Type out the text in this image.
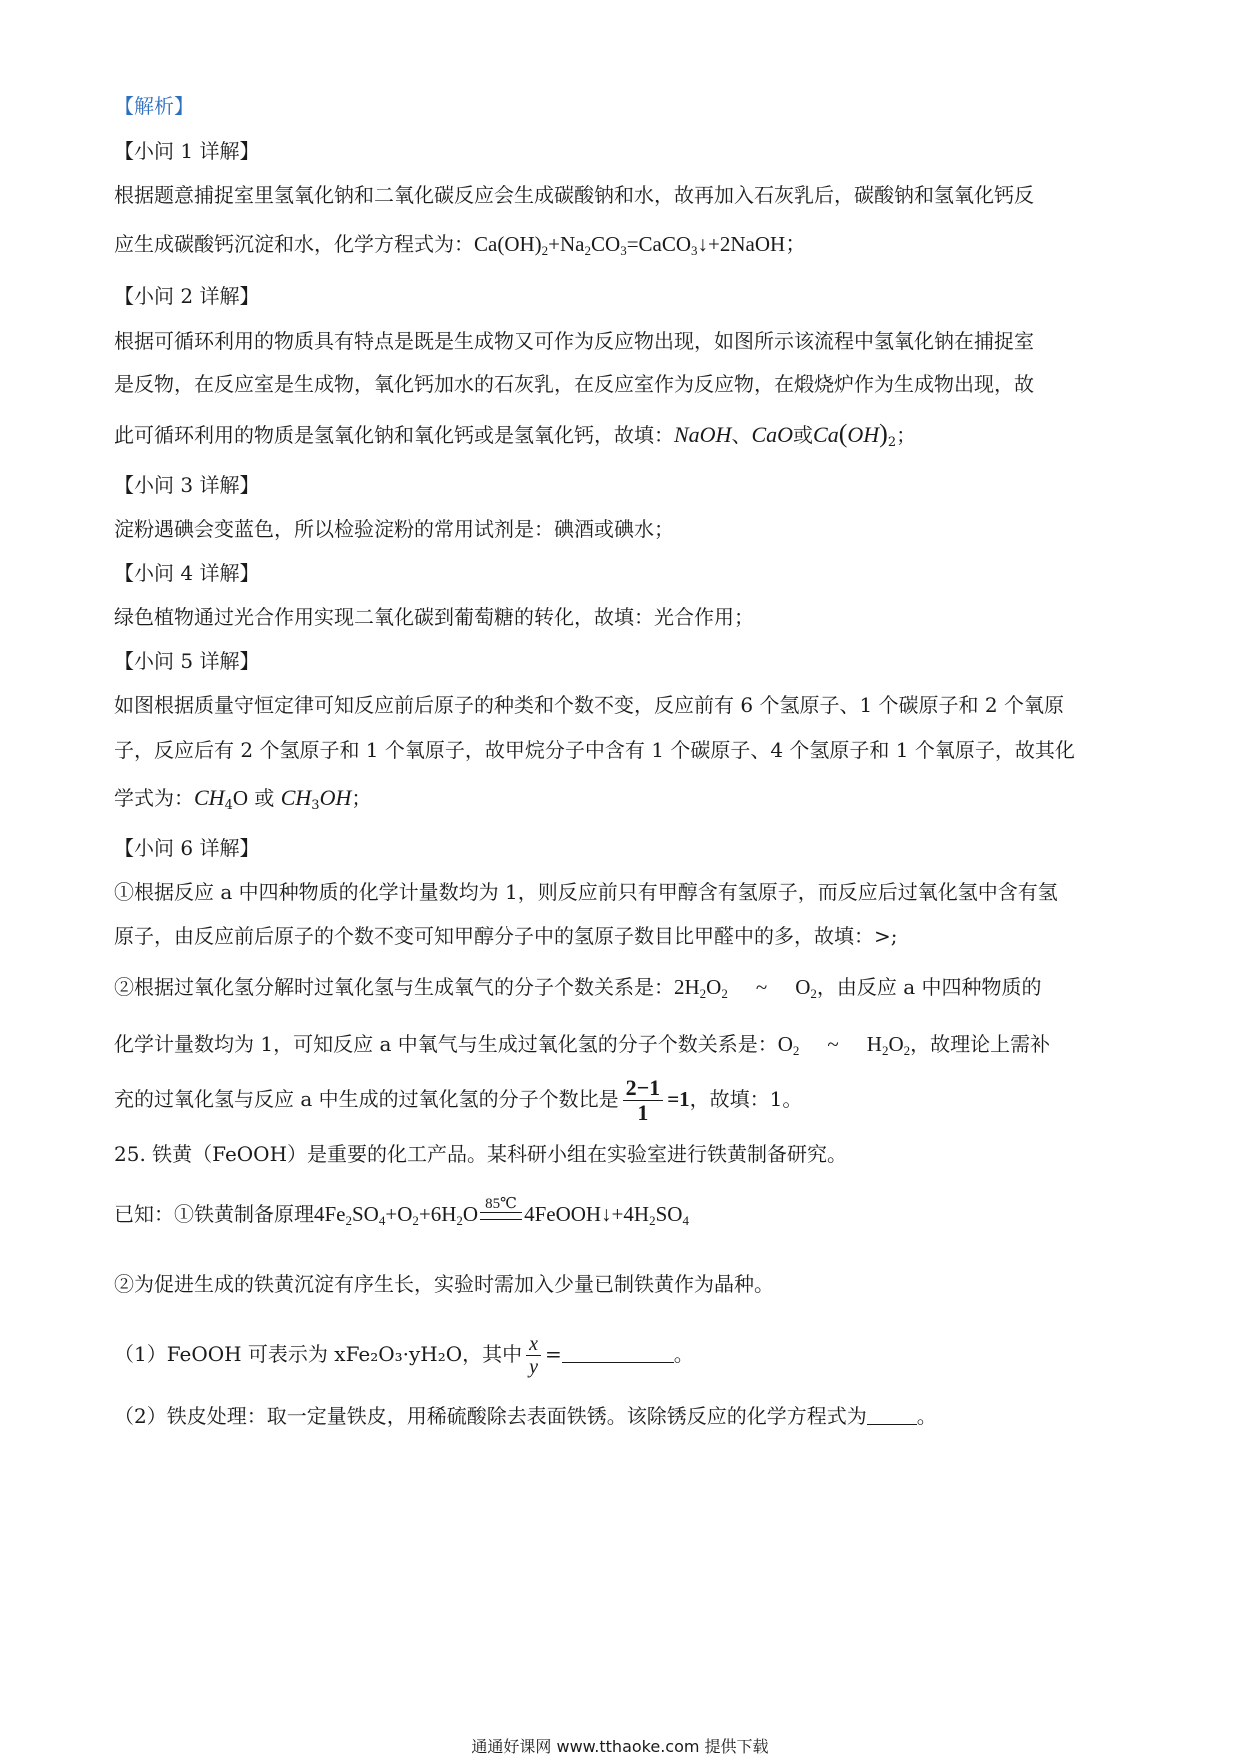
【解析】
【小问 1 详解】
根据题意捕捉室里氢氧化钠和二氧化碳反应会生成碳酸钠和水，故再加入石灰乳后，碳酸钠和氢氧化钙反
应生成碳酸钙沉淀和水，化学方程式为：$Ca(OH)_2+Na_2CO_3=CaCO_3↓+2NaOH$；
【小问 2 详解】
根据可循环利用的物质具有特点是既是生成物又可作为反应物出现，如图所示该流程中氢氧化钠在捕捉室
是反物，在反应室是生成物，氧化钙加水的石灰乳，在反应室作为反应物，在煅烧炉作为生成物出现，故
此可循环利用的物质是氢氧化钠和氧化钙或是氢氧化钙，故填：NaOH、CaO或$Ca(OH)_2$；
【小问 3 详解】
淀粉遇碘会变蓝色，所以检验淀粉的常用试剂是：碘酒或碘水；
【小问 4 详解】
绿色植物通过光合作用实现二氧化碳到葡萄糖的转化，故填：光合作用；
【小问 5 详解】
如图根据质量守恒定律可知反应前后原子的种类和个数不变，反应前有 6 个氢原子、1 个碳原子和 2 个氧原
子，反应后有 2 个氢原子和 1 个氧原子，故甲烷分子中含有 1 个碳原子、4 个氢原子和 1 个氧原子，故其化
学式为：$CH_4O$ 或 $CH_3OH$；
【小问 6 详解】
①根据反应 a 中四种物质的化学计量数均为 1，则反应前只有甲醇含有氢原子，而反应后过氧化氢中含有氢
原子，由反应前后原子的个数不变可知甲醇分子中的氢原子数目比甲醛中的多，故填：>;
②根据过氧化氢分解时过氧化氢与生成氧气的分子个数关系是：$2H_2O_2$ ~ $O_2$，由反应 a 中四种物质的
化学计量数均为 1，可知反应 a 中氧气与生成过氧化氢的分子个数关系是：$O_2$ ~ $H_2O_2$，故理论上需补
充的过氧化氢与反应 a 中生成的过氧化氢的分子个数比是 $\frac{2-1}{1} =1$，故填：1。
25. 铁黄（FeOOH）是重要的化工产品。某科研小组在实验室进行铁黄制备研究。
已知：①铁黄制备原理$4Fe_2SO_4+O_2+6H_2O$ 85℃ $4FeOOH↓+4H_2SO_4$
②为促进生成的铁黄沉淀有序生长，实验时需加入少量已制铁黄作为晶种。
（1）FeOOH 可表示为 xFe₂O₃·yH₂O，其中 $\frac{x}{y}$ =	。
（2）铁皮处理：取一定量铁皮，用稀硫酸除去表面铁锈。该除锈反应的化学方程式为	。
通通好课网 www.tthaoke.com 提供下载
